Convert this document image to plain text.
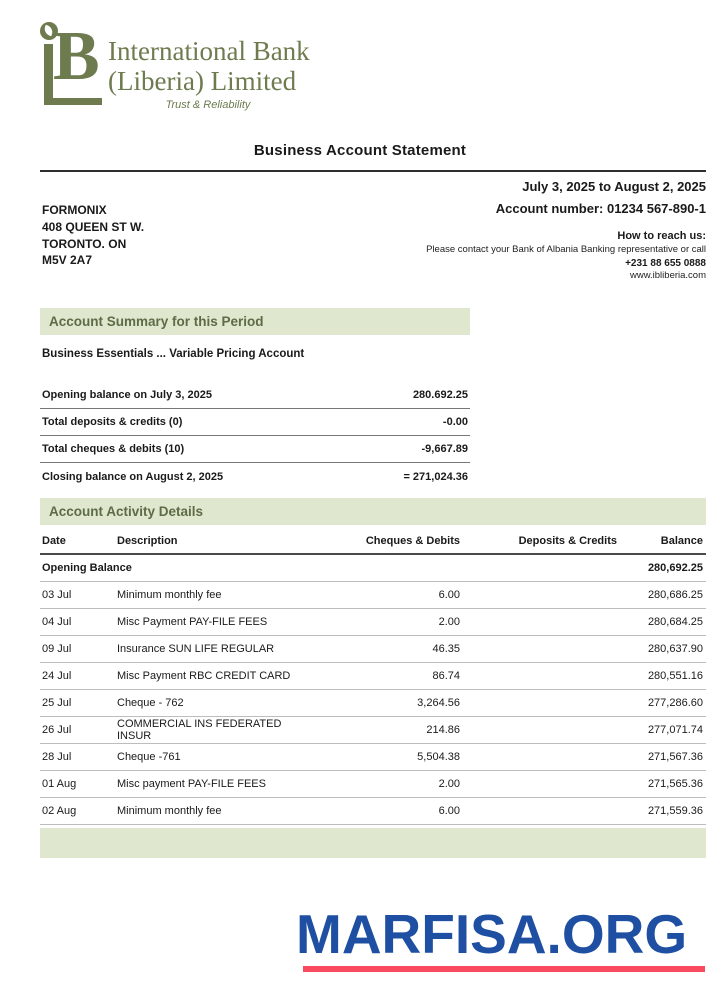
B International Bank
(Liberia) Limited
Trust & Reliability
Business Account Statement
July 3, 2025 to August 2, 2025
Account number: 01234 567-890-1
FORMONIX
408 QUEEN ST W.
TORONTO. ON
M5V 2A7
How to reach us:
Please contact your Bank of Albania Banking representative or call
+231 88 655 0888
www.ibliberia.com
Account Summary for this Period
Business Essentials ... Variable Pricing Account
Opening balance on July 3, 2025	280.692.25
Total deposits & credits (0)	-0.00
Total cheques & debits (10)	-9,667.89
Closing balance on August 2, 2025	= 271,024.36
Account Activity Details
Date	Description	Cheques & Debits	Deposits & Credits	Balance
Opening Balance				280,692.25
03 Jul	Minimum monthly fee	6.00		280,686.25
04 Jul	Misc Payment PAY-FILE FEES	2.00		280,684.25
09 Jul	Insurance SUN LIFE REGULAR	46.35		280,637.90
24 Jul	Misc Payment RBC CREDIT CARD	86.74		280,551.16
25 Jul	Cheque - 762	3,264.56		277,286.60
26 Jul	COMMERCIAL INS FEDERATED INSUR	214.86		277,071.74
28 Jul	Cheque -761	5,504.38		271,567.36
01 Aug	Misc payment PAY-FILE FEES	2.00		271,565.36
02 Aug	Minimum monthly fee	6.00		271,559.36
MARFISA.ORG
